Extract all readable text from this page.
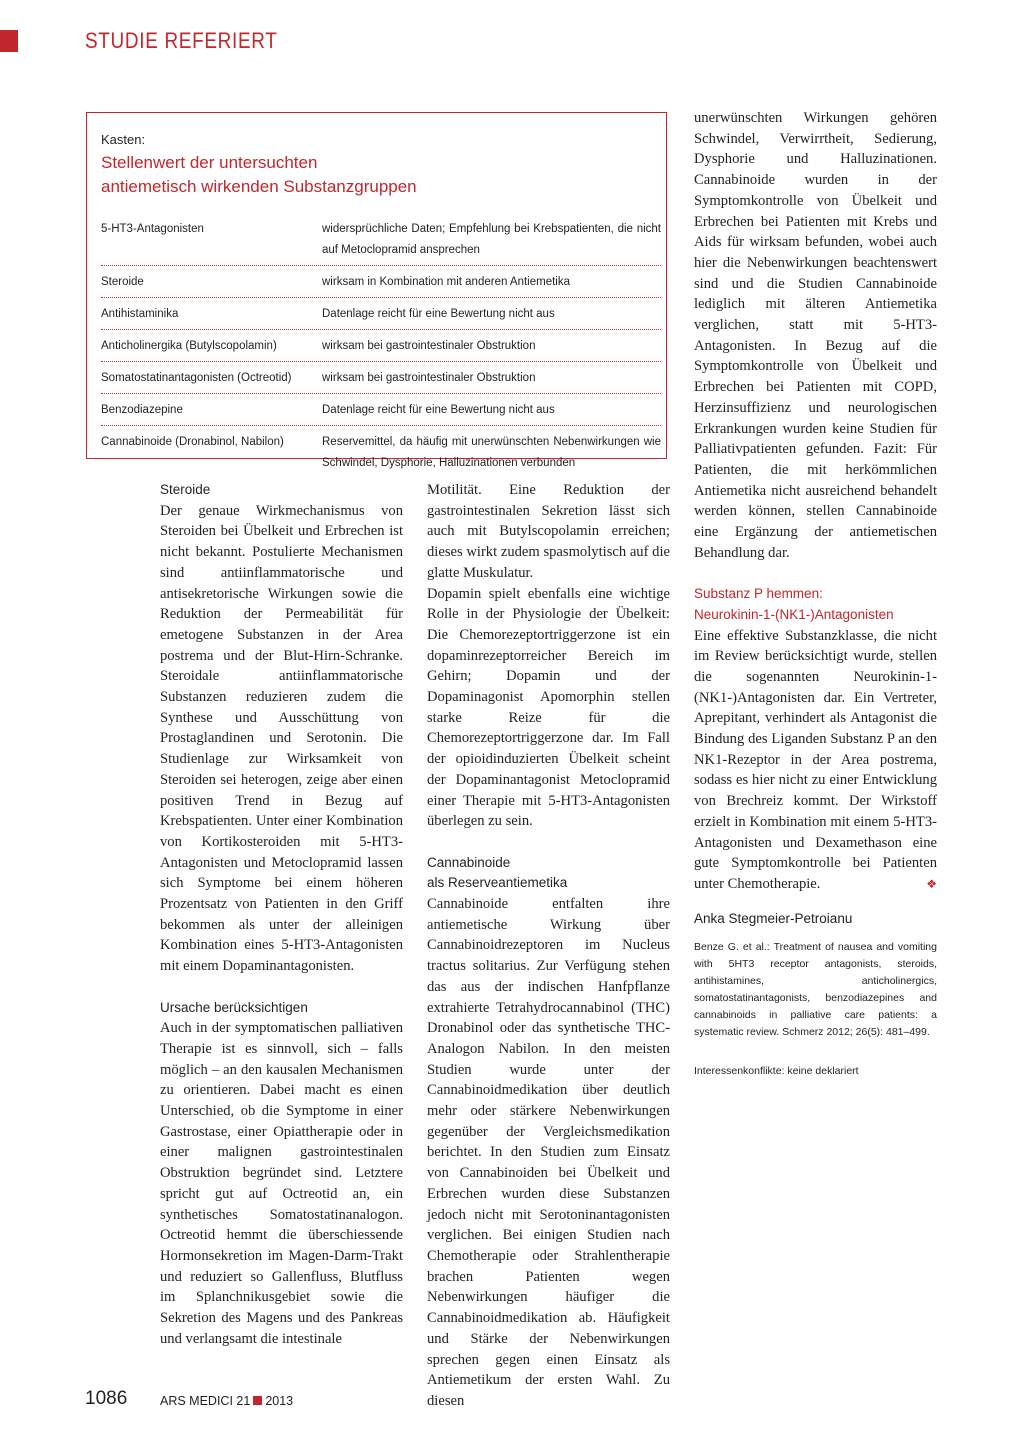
STUDIE REFERIERT
Kasten:
Stellenwert der untersuchten
antiemetisch wirkenden Substanzgruppen
5-HT3-Antagonisten	widersprüchliche Daten; Empfehlung bei Krebspatienten, die nicht auf Metoclopramid ansprechen
Steroide	wirksam in Kombination mit anderen Antiemetika
Antihistaminika	Datenlage reicht für eine Bewertung nicht aus
Anticholinergika (Butylscopolamin)	wirksam bei gastrointestinaler Obstruktion
Somatostatinantagonisten (Octreotid)	wirksam bei gastrointestinaler Obstruktion
Benzodiazepine	Datenlage reicht für eine Bewertung nicht aus
Cannabinoide (Dronabinol, Nabilon)	Reservemittel, da häufig mit unerwünschten Nebenwirkungen wie Schwindel, Dysphorie, Halluzinationen verbunden
Steroide

Der genaue Wirkmechanismus von Steroiden bei Übelkeit und Erbrechen ist nicht bekannt. Postulierte Mechanismen sind antiinflammatorische und antisekretorische Wirkungen sowie die Reduktion der Permeabilität für emetogene Substanzen in der Area postrema und der Blut-Hirn-Schranke. Steroidale antiinflammatorische Substanzen reduzieren zudem die Synthese und Ausschüttung von Prostaglandinen und Serotonin. Die Studienlage zur Wirksamkeit von Steroiden sei heterogen, zeige aber einen positiven Trend in Bezug auf Krebspatienten. Unter einer Kombination von Kortikosteroiden mit 5-HT3-Antagonisten und Metoclopramid lassen sich Symptome bei einem höheren Prozentsatz von Patienten in den Griff bekommen als unter der alleinigen Kombination eines 5-HT3-Antagonisten mit einem Dopaminantagonisten.

Ursache berücksichtigen

Auch in der symptomatischen palliativen Therapie ist es sinnvoll, sich – falls möglich – an den kausalen Mechanismen zu orientieren. Dabei macht es einen Unterschied, ob die Symptome in einer Gastrostase, einer Opiattherapie oder in einer malignen gastrointestinalen Obstruktion begründet sind. Letztere spricht gut auf Octreotid an, ein synthetisches Somatostatinanalogon. Octreotid hemmt die überschiessende Hormonsekretion im Magen-Darm-Trakt und reduziert so Gallenfluss, Blutfluss im Splanchnikusgebiet sowie die Sekretion des Magens und des Pankreas und verlangsamt die intestinale

Motilität. Eine Reduktion der gastrointestinalen Sekretion lässt sich auch mit Butylscopolamin erreichen; dieses wirkt zudem spasmolytisch auf die glatte Muskulatur.

Dopamin spielt ebenfalls eine wichtige Rolle in der Physiologie der Übelkeit: Die Chemorezeptortriggerzone ist ein dopaminrezeptorreicher Bereich im Gehirn; Dopamin und der Dopaminagonist Apomorphin stellen starke Reize für die Chemorezeptortriggerzone dar. Im Fall der opioidinduzierten Übelkeit scheint der Dopaminantagonist Metoclopramid einer Therapie mit 5-HT3-Antagonisten überlegen zu sein.

Cannabinoide
als Reserveantiemetika

Cannabinoide entfalten ihre antiemetische Wirkung über Cannabinoidrezeptoren im Nucleus tractus solitarius. Zur Verfügung stehen das aus der indischen Hanfpflanze extrahierte Tetrahydrocannabinol (THC) Dronabinol oder das synthetische THC-Analogon Nabilon. In den meisten Studien wurde unter der Cannabinoidmedikation über deutlich mehr oder stärkere Nebenwirkungen gegenüber der Vergleichsmedikation berichtet. In den Studien zum Einsatz von Cannabinoiden bei Übelkeit und Erbrechen wurden diese Substanzen jedoch nicht mit Serotoninantagonisten verglichen. Bei einigen Studien nach Chemotherapie oder Strahlentherapie brachen Patienten wegen Nebenwirkungen häufiger die Cannabinoidmedikation ab. Häufigkeit und Stärke der Nebenwirkungen sprechen gegen einen Einsatz als Antiemetikum der ersten Wahl. Zu diesen

unerwünschten Wirkungen gehören Schwindel, Verwirrtheit, Sedierung, Dysphorie und Halluzinationen. Cannabinoide wurden in der Symptomkontrolle von Übelkeit und Erbrechen bei Patienten mit Krebs und Aids für wirksam befunden, wobei auch hier die Nebenwirkungen beachtenswert sind und die Studien Cannabinoide lediglich mit älteren Antiemetika verglichen, statt mit 5-HT3-Antagonisten. In Bezug auf die Symptomkontrolle von Übelkeit und Erbrechen bei Patienten mit COPD, Herzinsuffizienz und neurologischen Erkrankungen wurden keine Studien für Palliativpatienten gefunden. Fazit: Für Patienten, die mit herkömmlichen Antiemetika nicht ausreichend behandelt werden können, stellen Cannabinoide eine Ergänzung der antiemetischen Behandlung dar.

Substanz P hemmen:
Neurokinin-1-(NK1-)Antagonisten

Eine effektive Substanzklasse, die nicht im Review berücksichtigt wurde, stellen die sogenannten Neurokinin-1-(NK1-)Antagonisten dar. Ein Vertreter, Aprepitant, verhindert als Antagonist die Bindung des Liganden Substanz P an den NK1-Rezeptor in der Area postrema, sodass es hier nicht zu einer Entwicklung von Brechreiz kommt. Der Wirkstoff erzielt in Kombination mit einem 5-HT3-Antagonisten und Dexamethason eine gute Symptomkontrolle bei Patienten unter Chemotherapie.	❖

Anka Stegmeier-Petroianu
Benze G. et al.: Treatment of nausea and vomiting with 5HT3 receptor antagonists, steroids, antihistamines, anticholinergics, somatostatinantagonists, benzodiazepines and cannabinoids in palliative care patients: a systematic review. Schmerz 2012; 26(5): 481–499.
Interessenkonflikte: keine deklariert
1086	ARS MEDICI 21 2013
